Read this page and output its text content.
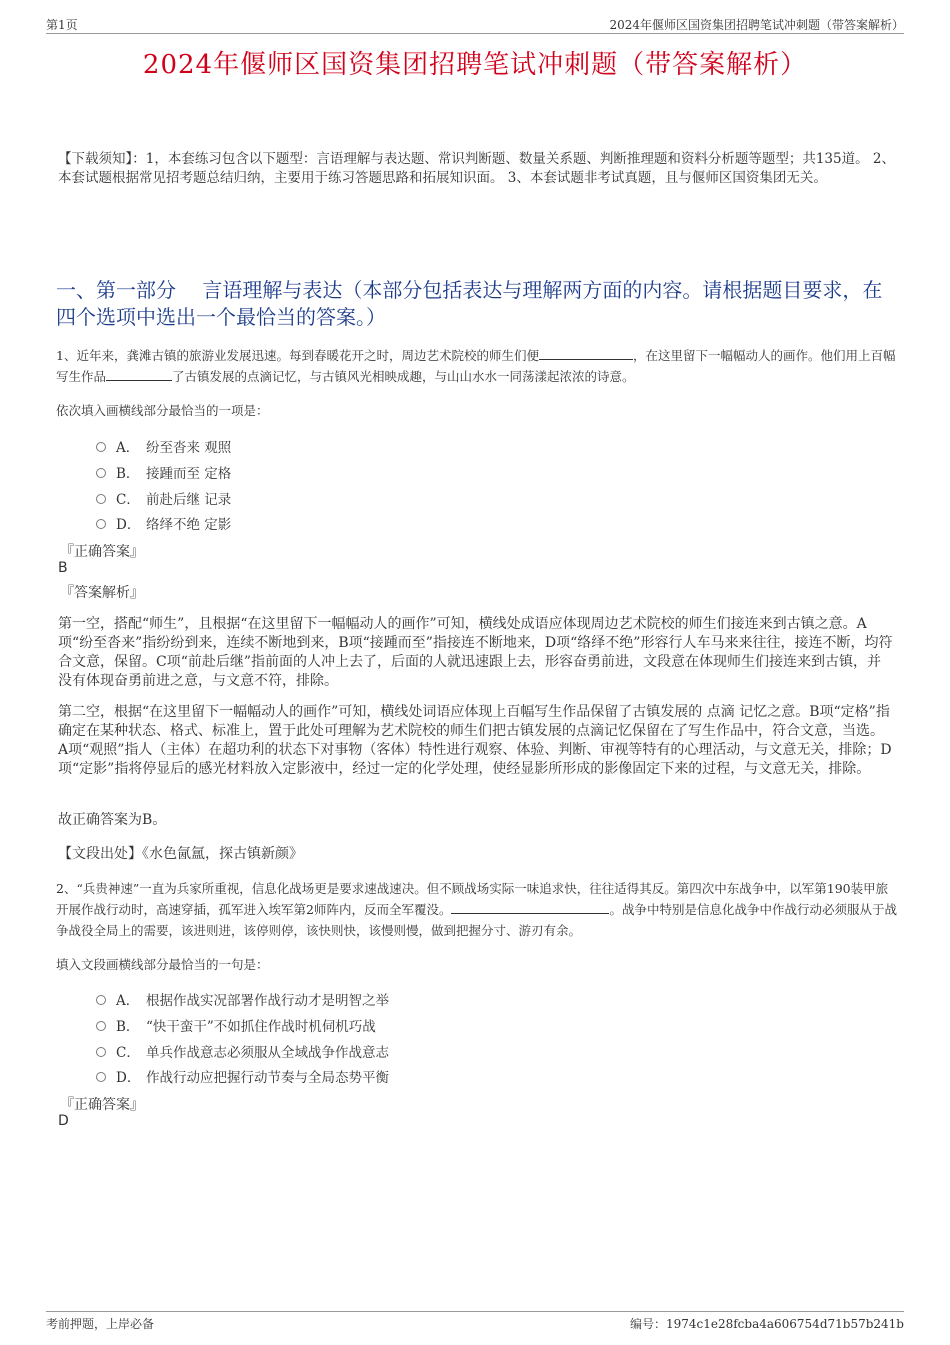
第1页	2024年偃师区国资集团招聘笔试冲刺题（带答案解析）
2024年偃师区国资集团招聘笔试冲刺题（带答案解析）
【下载须知】：1，本套练习包含以下题型：言语理解与表达题、常识判断题、数量关系题、判断推理题和资料分析题等题型；共135道。 2、本套试题根据常见招考题总结归纳，主要用于练习答题思路和拓展知识面。 3、本套试题非考试真题，且与偃师区国资集团无关。
一、第一部分　 言语理解与表达（本部分包括表达与理解两方面的内容。请根据题目要求，在四个选项中选出一个最恰当的答案。）
1、近年来，龚滩古镇的旅游业发展迅速。每到春暖花开之时，周边艺术院校的师生们便	，在这里留下一幅幅动人的画作。他们用上百幅写生作品	了古镇发展的点滴记忆，与古镇风光相映成趣，与山山水水一同荡漾起浓浓的诗意。
依次填入画横线部分最恰当的一项是：
A． 纷至沓来 观照
B． 接踵而至 定格
C． 前赴后继 记录
D． 络绎不绝 定影
『正确答案』
B
『答案解析』
第一空，搭配“师生”，且根据“在这里留下一幅幅动人的画作”可知，横线处成语应体现周边艺术院校的师生们接连来到古镇之意。A项“纷至沓来”指纷纷到来，连续不断地到来，B项“接踵而至”指接连不断地来，D项“络绎不绝”形容行人车马来来往往，接连不断，均符合文意，保留。C项“前赴后继”指前面的人冲上去了，后面的人就迅速跟上去，形容奋勇前进，文段意在体现师生们接连来到古镇，并没有体现奋勇前进之意，与文意不符，排除。
第二空，根据“在这里留下一幅幅动人的画作”可知，横线处词语应体现上百幅写生作品保留了古镇发展的 点滴 记忆之意。B项“定格”指确定在某种状态、格式、标准上，置于此处可理解为艺术院校的师生们把古镇发展的点滴记忆保留在了写生作品中，符合文意，当选。A项“观照”指人（主体）在超功利的状态下对事物（客体）特性进行观察、体验、判断、审视等特有的心理活动，与文意无关，排除；D项“定影”指将停显后的感光材料放入定影液中，经过一定的化学处理，使经显影所形成的影像固定下来的过程，与文意无关，排除。
故正确答案为B。
【文段出处】《水色氤氲，探古镇新颜》
2、“兵贵神速”一直为兵家所重视，信息化战场更是要求速战速决。但不顾战场实际一味追求快，往往适得其反。第四次中东战争中，以军第190装甲旅开展作战行动时，高速穿插，孤军进入埃军第2师阵内，反而全军覆没。	。战争中特别是信息化战争中作战行动必须服从于战争战役全局上的需要，该进则进，该停则停，该快则快，该慢则慢，做到把握分寸、游刃有余。
填入文段画横线部分最恰当的一句是：
A． 根据作战实况部署作战行动才是明智之举
B． “快干蛮干”不如抓住作战时机伺机巧战
C． 单兵作战意志必须服从全域战争作战意志
D． 作战行动应把握行动节奏与全局态势平衡
『正确答案』
D
考前押题，上岸必备	编号：1974c1e28fcba4a606754d71b57b241b
